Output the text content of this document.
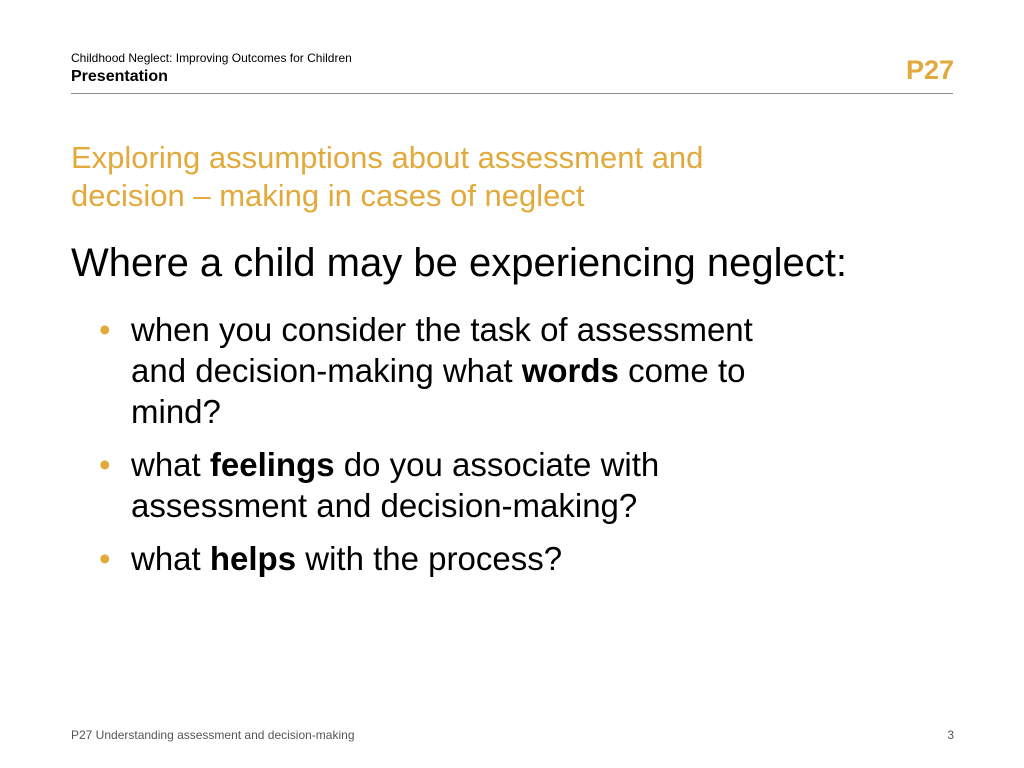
Childhood Neglect: Improving Outcomes for Children
Presentation	P27
Exploring assumptions about assessment and
decision – making in cases of neglect
Where a child may be experiencing neglect:
• when you consider the task of assessment
and decision-making what words come to
mind?
• what feelings do you associate with
assessment and decision-making?
• what helps with the process?
P27 Understanding assessment and decision-making	3
